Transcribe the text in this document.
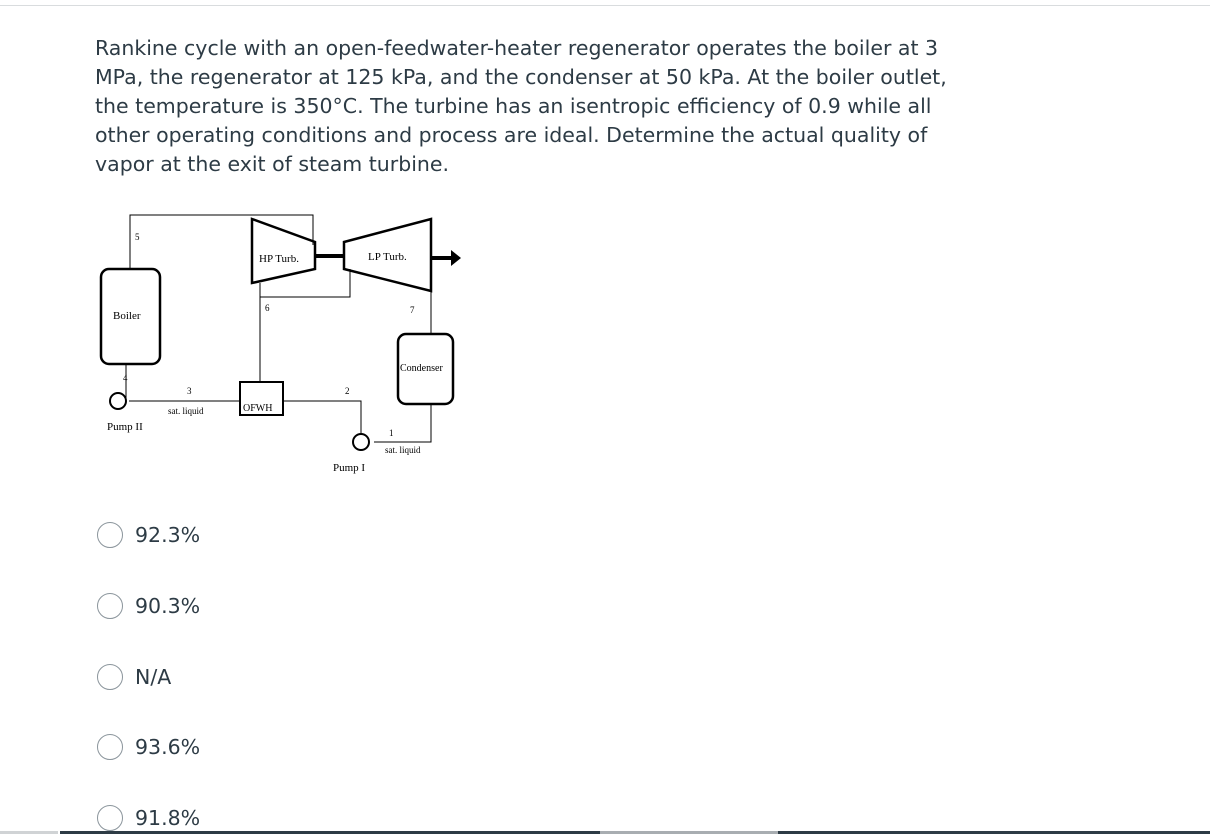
Rankine cycle with an open-feedwater-heater regenerator operates the boiler at 3 MPa, the regenerator at 125 kPa, and the condenser at 50 kPa. At the boiler outlet, the temperature is 350°C. The turbine has an isentropic efficiency of 0.9 while all other operating conditions and process are ideal. Determine the actual quality of vapor at the exit of steam turbine.

HP Turb.	LP Turb.
Boiler
Condenser
OFWH
Pump II
Pump I
sat. liquid
sat. liquid
5
6	7
4
3	2
1
92.3%
90.3%
N/A
93.6%
91.8%
